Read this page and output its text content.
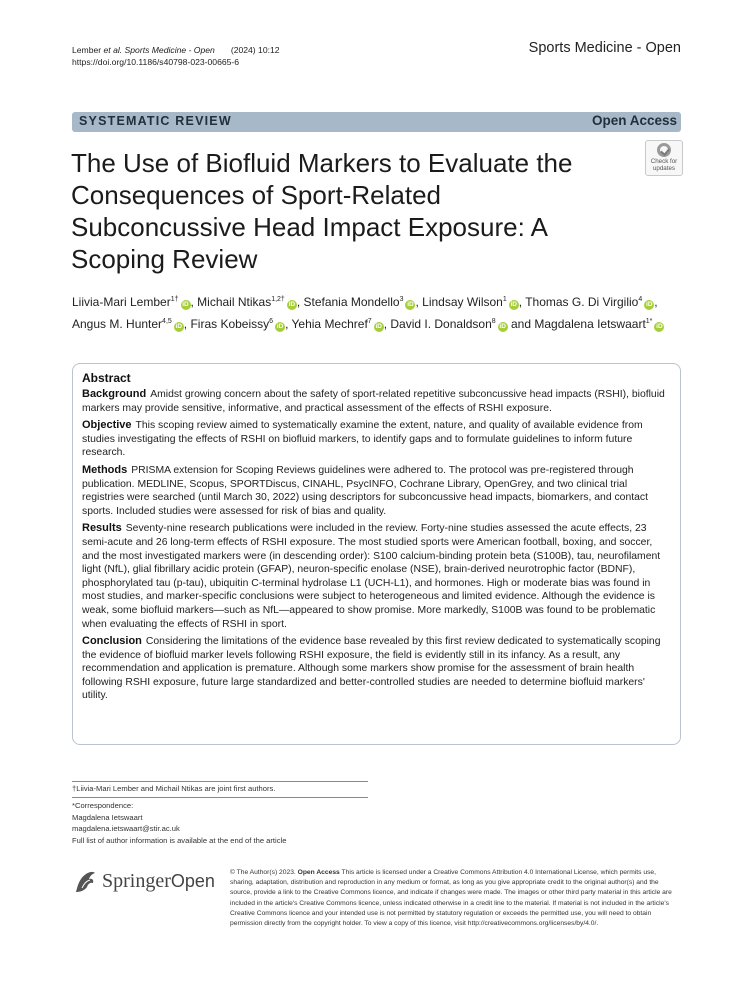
Lember et al. Sports Medicine - Open (2024) 10:12
https://doi.org/10.1186/s40798-023-00665-6
Sports Medicine - Open
SYSTEMATIC REVIEW	Open Access
The Use of Biofluid Markers to Evaluate the Consequences of Sport-Related Subconcussive Head Impact Exposure: A Scoping Review
Check for
updates
Liivia-Mari Lember$^{1\dagger}$iD , Michail Ntikas$^{1,2\dagger}$iD , Stefania Mondello$^3$iD , Lindsay Wilson$^1$iD , Thomas G. Di Virgilio$^4$iD , Angus M. Hunter$^{4,5}$iD , Firas Kobeissy$^6$iD , Yehia Mechref$^7$iD , David I. Donaldson$^8$iD and Magdalena Ietswaart$^{1*}$iD
Abstract

Background Amidst growing concern about the safety of sport-related repetitive subconcussive head impacts (RSHI), biofluid markers may provide sensitive, informative, and practical assessment of the effects of RSHI exposure.

Objective This scoping review aimed to systematically examine the extent, nature, and quality of available evidence from studies investigating the effects of RSHI on biofluid markers, to identify gaps and to formulate guidelines to inform future research.

Methods PRISMA extension for Scoping Reviews guidelines were adhered to. The protocol was pre-registered through publication. MEDLINE, Scopus, SPORTDiscus, CINAHL, PsycINFO, Cochrane Library, OpenGrey, and two clinical trial registries were searched (until March 30, 2022) using descriptors for subconcussive head impacts, biomarkers, and contact sports. Included studies were assessed for risk of bias and quality.

Results Seventy-nine research publications were included in the review. Forty-nine studies assessed the acute effects, 23 semi-acute and 26 long-term effects of RSHI exposure. The most studied sports were American football, boxing, and soccer, and the most investigated markers were (in descending order): S100 calcium-binding protein beta (S100B), tau, neurofilament light (NfL), glial fibrillary acidic protein (GFAP), neuron-specific enolase (NSE), brain-derived neurotrophic factor (BDNF), phosphorylated tau (p-tau), ubiquitin C-terminal hydrolase L1 (UCH-L1), and hormones. High or moderate bias was found in most studies, and marker-specific conclusions were subject to heterogeneous and limited evidence. Although the evidence is weak, some biofluid markers—such as NfL—appeared to show promise. More markedly, S100B was found to be problematic when evaluating the effects of RSHI in sport.

Conclusion Considering the limitations of the evidence base revealed by this first review dedicated to systematically scoping the evidence of biofluid marker levels following RSHI exposure, the field is evidently still in its infancy. As a result, any recommendation and application is premature. Although some markers show promise for the assessment of brain health following RSHI exposure, future large standardized and better-controlled studies are needed to determine biofluid markers' utility.

†Liivia-Mari Lember and Michail Ntikas are joint first authors.
*Correspondence:
Magdalena Ietswaart
magdalena.ietswaart@stir.ac.uk
Full list of author information is available at the end of the article
SpringerOpen © The Author(s) 2023. Open Access This article is licensed under a Creative Commons Attribution 4.0 International License, which permits use, sharing, adaptation, distribution and reproduction in any medium or format, as long as you give appropriate credit to the original author(s) and the source, provide a link to the Creative Commons licence, and indicate if changes were made. The images or other third party material in this article are included in the article's Creative Commons licence, unless indicated otherwise in a credit line to the material. If material is not included in the article's Creative Commons licence and your intended use is not permitted by statutory regulation or exceeds the permitted use, you will need to obtain permission directly from the copyright holder. To view a copy of this licence, visit http://creativecommons.org/licenses/by/4.0/.
